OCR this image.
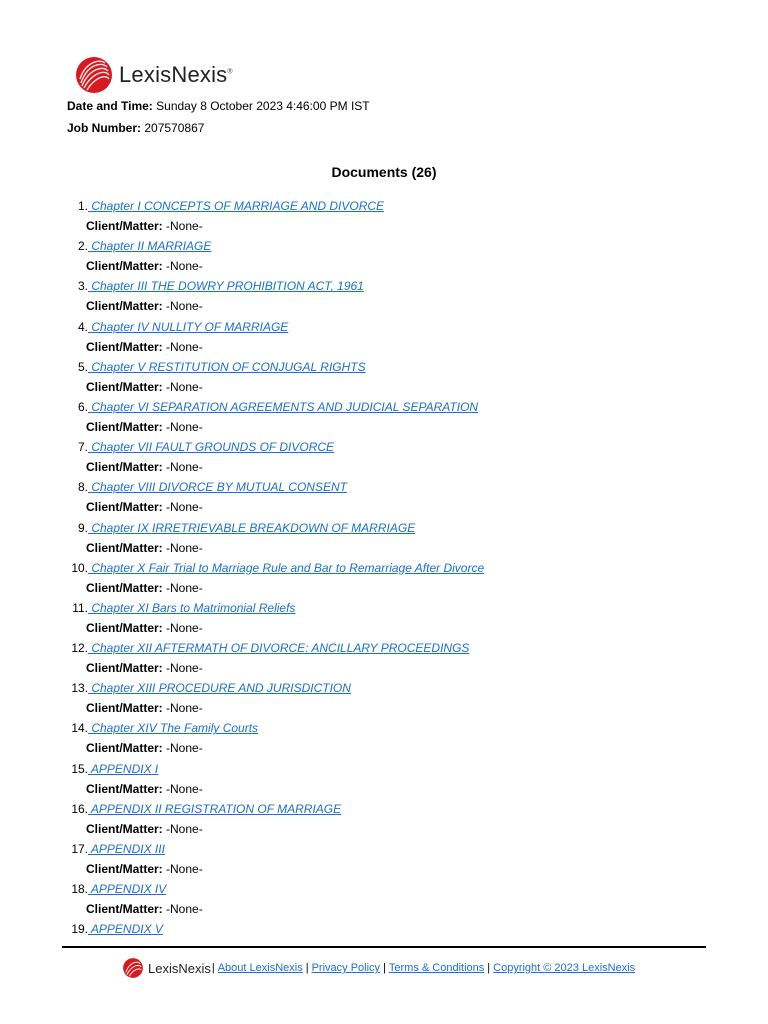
LexisNexis®
Date and Time: Sunday 8 October 2023 4:46:00 PM IST
Job Number: 207570867
Documents (26)
1. Chapter I CONCEPTS OF MARRIAGE AND DIVORCE
Client/Matter: -None-
2. Chapter II MARRIAGE
Client/Matter: -None-
3. Chapter III THE DOWRY PROHIBITION ACT, 1961
Client/Matter: -None-
4. Chapter IV NULLITY OF MARRIAGE
Client/Matter: -None-
5. Chapter V RESTITUTION OF CONJUGAL RIGHTS
Client/Matter: -None-
6. Chapter VI SEPARATION AGREEMENTS AND JUDICIAL SEPARATION
Client/Matter: -None-
7. Chapter VII FAULT GROUNDS OF DIVORCE
Client/Matter: -None-
8. Chapter VIII DIVORCE BY MUTUAL CONSENT
Client/Matter: -None-
9. Chapter IX IRRETRIEVABLE BREAKDOWN OF MARRIAGE
Client/Matter: -None-
10. Chapter X Fair Trial to Marriage Rule and Bar to Remarriage After Divorce
Client/Matter: -None-
11. Chapter XI Bars to Matrimonial Reliefs
Client/Matter: -None-
12. Chapter XII AFTERMATH OF DIVORCE: ANCILLARY PROCEEDINGS
Client/Matter: -None-
13. Chapter XIII PROCEDURE AND JURISDICTION
Client/Matter: -None-
14. Chapter XIV The Family Courts
Client/Matter: -None-
15. APPENDIX I
Client/Matter: -None-
16. APPENDIX II REGISTRATION OF MARRIAGE
Client/Matter: -None-
17. APPENDIX III
Client/Matter: -None-
18. APPENDIX IV
Client/Matter: -None-
19. APPENDIX V
LexisNexis | About LexisNexis | Privacy Policy | Terms & Conditions | Copyright © 2023 LexisNexis
